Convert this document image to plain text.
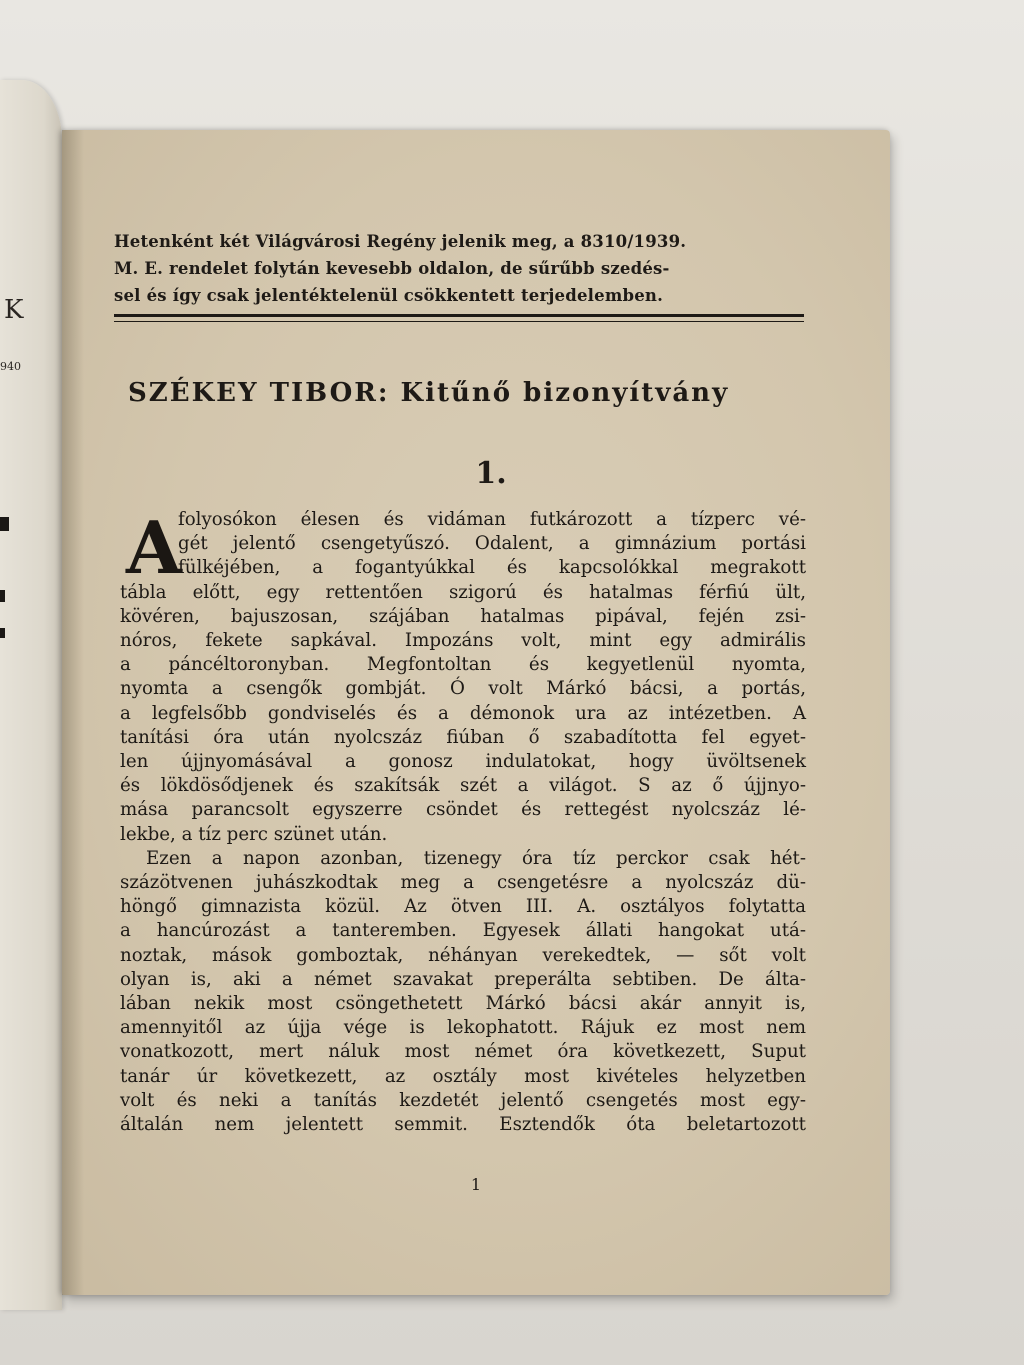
K
940
Hetenként két Világvárosi Regény jelenik meg, a 8310/1939.
M. E. rendelet folytán kevesebb oldalon, de sűrűbb szedés-
sel és így csak jelentéktelenül csökkentett terjedelemben.
SZÉKEY TIBOR: Kitűnő bizonyítvány
1.
A
folyosókon élesen és vidáman futkározott a tízperc vé-
gét jelentő csengetyűszó. Odalent, a gimnázium portási
fülkéjében, a fogantyúkkal és kapcsolókkal megrakott
tábla előtt, egy rettentően szigorú és hatalmas férfiú ült,
kövéren, bajuszosan, szájában hatalmas pipával, fején zsi-
nóros, fekete sapkával. Impozáns volt, mint egy admirális
a páncéltoronyban. Megfontoltan és kegyetlenül nyomta,
nyomta a csengők gombját. Ó volt Márkó bácsi, a portás,
a legfelsőbb gondviselés és a démonok ura az intézetben. A
tanítási óra után nyolcszáz fiúban ő szabadította fel egyet-
len újjnyomásával a gonosz indulatokat, hogy üvöltsenek
és lökdösődjenek és szakítsák szét a világot. S az ő újjnyo-
mása parancsolt egyszerre csöndet és rettegést nyolcszáz lé-
lekbe, a tíz perc szünet után.
Ezen a napon azonban, tizenegy óra tíz perckor csak hét-
százötvenen juhászkodtak meg a csengetésre a nyolcszáz dü-
höngő gimnazista közül. Az ötven III. A. osztályos folytatta
a hancúrozást a tanteremben. Egyesek állati hangokat utá-
noztak, mások gomboztak, néhányan verekedtek, — sőt volt
olyan is, aki a német szavakat preperálta sebtiben. De álta-
lában nekik most csöngethetett Márkó bácsi akár annyit is,
amennyitől az újja vége is lekophatott. Rájuk ez most nem
vonatkozott, mert náluk most német óra következett, Suput
tanár úr következett, az osztály most kivételes helyzetben
volt és neki a tanítás kezdetét jelentő csengetés most egy-
általán nem jelentett semmit. Esztendők óta beletartozott
1
